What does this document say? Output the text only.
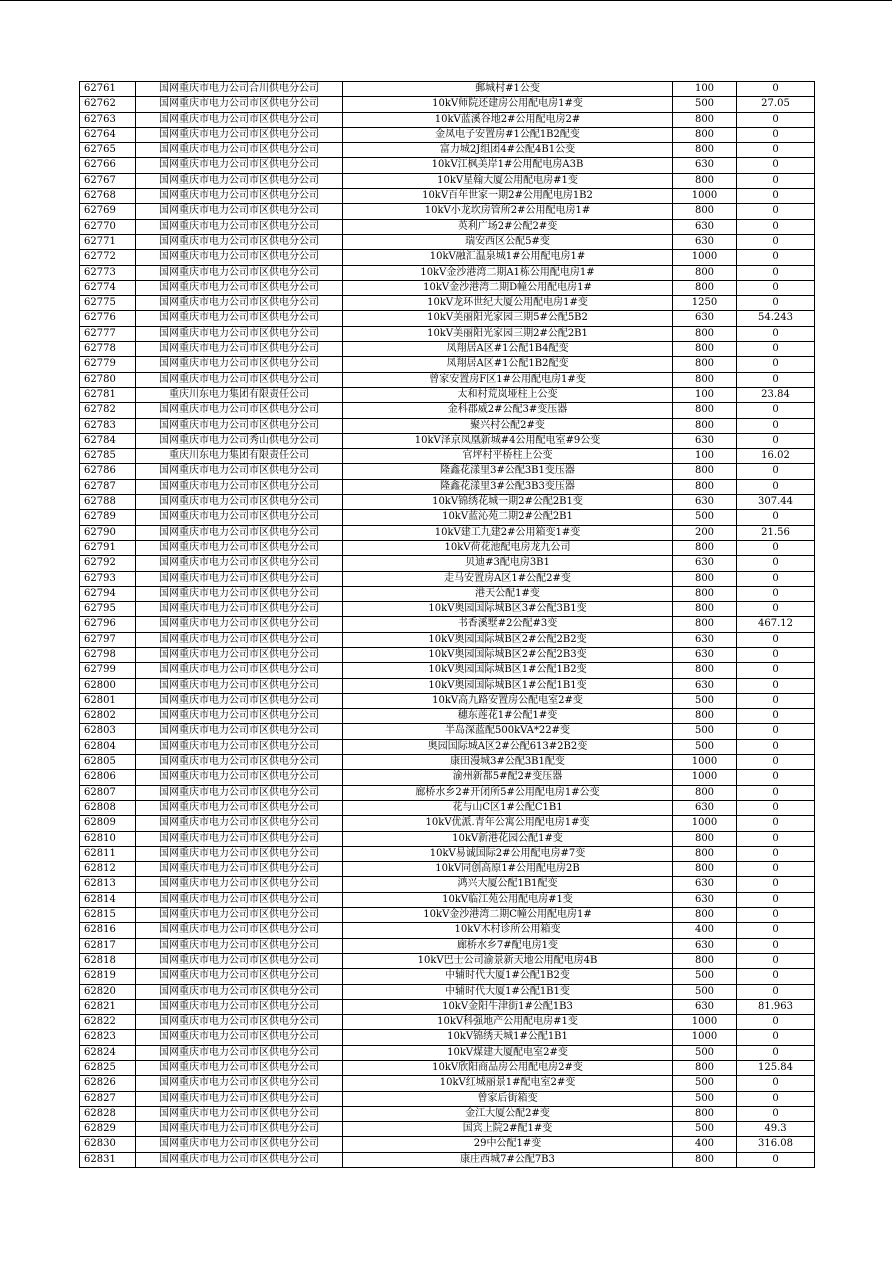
62761	国网重庆市电力公司合川供电分公司	郵城村#1公变	100	0
62762	国网重庆市电力公司市区供电分公司	10kV师院还建房公用配电房1#变	500	27.05
62763	国网重庆市电力公司市区供电分公司	10kV蓝溪谷地2#公用配电房2#	800	0
62764	国网重庆市电力公司市区供电分公司	金凤电子安置房#1公配1B2配变	800	0
62765	国网重庆市电力公司市区供电分公司	富力城2J组团4#公配4B1公变	800	0
62766	国网重庆市电力公司市区供电分公司	10kV江枫美岸1#公用配电房A3B	630	0
62767	国网重庆市电力公司市区供电分公司	10kV星翰大厦公用配电房#1变	800	0
62768	国网重庆市电力公司市区供电分公司	10kV百年世家一期2#公用配电房1B2	1000	0
62769	国网重庆市电力公司市区供电分公司	10kV小龙坎房管所2#公用配电房1#	800	0
62770	国网重庆市电力公司市区供电分公司	英利广场2#公配2#变	630	0
62771	国网重庆市电力公司市区供电分公司	瑞安西区公配5#变	630	0
62772	国网重庆市电力公司市区供电分公司	10kV融汇温泉城1#公用配电房1#	1000	0
62773	国网重庆市电力公司市区供电分公司	10kV金沙港湾二期A1栋公用配电房1#	800	0
62774	国网重庆市电力公司市区供电分公司	10kV金沙港湾二期D幢公用配电房1#	800	0
62775	国网重庆市电力公司市区供电分公司	10kV龙环世纪大厦公用配电房1#变	1250	0
62776	国网重庆市电力公司市区供电分公司	10kV美丽阳光家园三期5#公配5B2	630	54.243
62777	国网重庆市电力公司市区供电分公司	10kV美丽阳光家园三期2#公配2B1	800	0
62778	国网重庆市电力公司市区供电分公司	凤翔居A区#1公配1B4配变	800	0
62779	国网重庆市电力公司市区供电分公司	凤翔居A区#1公配1B2配变	800	0
62780	国网重庆市电力公司市区供电分公司	曾家安置房F区1#公用配电房1#变	800	0
62781	重庆川东电力集团有限责任公司	太和村荒岚垭柱上公变	100	23.84
62782	国网重庆市电力公司市区供电分公司	金科郡威2#公配3#变压器	800	0
62783	国网重庆市电力公司市区供电分公司	聚兴村公配2#变	800	0
62784	国网重庆市电力公司秀山供电分公司	10kV泽京凤凰新城#4公用配电室#9公变	630	0
62785	重庆川东电力集团有限责任公司	官坪村平桥柱上公变	100	16.02
62786	国网重庆市电力公司市区供电分公司	隆鑫花漾里3#公配3B1变压器	800	0
62787	国网重庆市电力公司市区供电分公司	隆鑫花漾里3#公配3B3变压器	800	0
62788	国网重庆市电力公司市区供电分公司	10kV锦绣花城一期2#公配2B1变	630	307.44
62789	国网重庆市电力公司市区供电分公司	10kV蓝沁苑二期2#公配2B1	500	0
62790	国网重庆市电力公司市区供电分公司	10kV建工九建2#公用箱变1#变	200	21.56
62791	国网重庆市电力公司市区供电分公司	10kV荷花池配电房龙九公司	800	0
62792	国网重庆市电力公司市区供电分公司	贝迪#3配电房3B1	630	0
62793	国网重庆市电力公司市区供电分公司	走马安置房A区1#公配2#变	800	0
62794	国网重庆市电力公司市区供电分公司	港天公配1#变	800	0
62795	国网重庆市电力公司市区供电分公司	10kV奥园国际城B区3#公配3B1变	800	0
62796	国网重庆市电力公司市区供电分公司	书香溪墅#2公配#3变	800	467.12
62797	国网重庆市电力公司市区供电分公司	10kV奥园国际城B区2#公配2B2变	630	0
62798	国网重庆市电力公司市区供电分公司	10kV奥园国际城B区2#公配2B3变	630	0
62799	国网重庆市电力公司市区供电分公司	10kV奥园国际城B区1#公配1B2变	800	0
62800	国网重庆市电力公司市区供电分公司	10kV奥园国际城B区1#公配1B1变	630	0
62801	国网重庆市电力公司市区供电分公司	10kV高九路安置房公配电室2#变	500	0
62802	国网重庆市电力公司市区供电分公司	穗东莲花1#公配1#变	800	0
62803	国网重庆市电力公司市区供电分公司	半岛深蓝配500kVA*22#变	500	0
62804	国网重庆市电力公司市区供电分公司	奥园国际城A区2#公配613#2B2变	500	0
62805	国网重庆市电力公司市区供电分公司	康田漫城3#公配3B1配变	1000	0
62806	国网重庆市电力公司市区供电分公司	渝州新都5#配2#变压器	1000	0
62807	国网重庆市电力公司市区供电分公司	廊桥水乡2#开闭所5#公用配电房1#公变	800	0
62808	国网重庆市电力公司市区供电分公司	花与山C区1#公配C1B1	630	0
62809	国网重庆市电力公司市区供电分公司	10kV优派.青年公寓公用配电房1#变	1000	0
62810	国网重庆市电力公司市区供电分公司	10kV新港花园公配1#变	800	0
62811	国网重庆市电力公司市区供电分公司	10kV易诚国际2#公用配电房#7变	800	0
62812	国网重庆市电力公司市区供电分公司	10kV同创高原1#公用配电房2B	800	0
62813	国网重庆市电力公司市区供电分公司	鸿兴大厦公配1B1配变	630	0
62814	国网重庆市电力公司市区供电分公司	10kV临江苑公用配电房#1变	630	0
62815	国网重庆市电力公司市区供电分公司	10kV金沙港湾二期C幢公用配电房1#	800	0
62816	国网重庆市电力公司市区供电分公司	10kV木村诊所公用箱变	400	0
62817	国网重庆市电力公司市区供电分公司	廊桥水乡7#配电房1变	630	0
62818	国网重庆市电力公司市区供电分公司	10kV巴士公司渝景新天地公用配电房4B	800	0
62819	国网重庆市电力公司市区供电分公司	中辅时代大厦1#公配1B2变	500	0
62820	国网重庆市电力公司市区供电分公司	中辅时代大厦1#公配1B1变	500	0
62821	国网重庆市电力公司市区供电分公司	10kV金阳牛津街1#公配1B3	630	81.963
62822	国网重庆市电力公司市区供电分公司	10kV科强地产公用配电房#1变	1000	0
62823	国网重庆市电力公司市区供电分公司	10kV锦绣天城1#公配1B1	1000	0
62824	国网重庆市电力公司市区供电分公司	10kV煤建大厦配电室2#变	500	0
62825	国网重庆市电力公司市区供电分公司	10kV欣阳商品房公用配电房2#变	800	125.84
62826	国网重庆市电力公司市区供电分公司	10kV红城丽景1#配电室2#变	500	0
62827	国网重庆市电力公司市区供电分公司	曾家后街箱变	500	0
62828	国网重庆市电力公司市区供电分公司	金江大厦公配2#变	800	0
62829	国网重庆市电力公司市区供电分公司	国宾上院2#配1#变	500	49.3
62830	国网重庆市电力公司市区供电分公司	29中公配1#变	400	316.08
62831	国网重庆市电力公司市区供电分公司	康庄西城7#公配7B3	800	0
